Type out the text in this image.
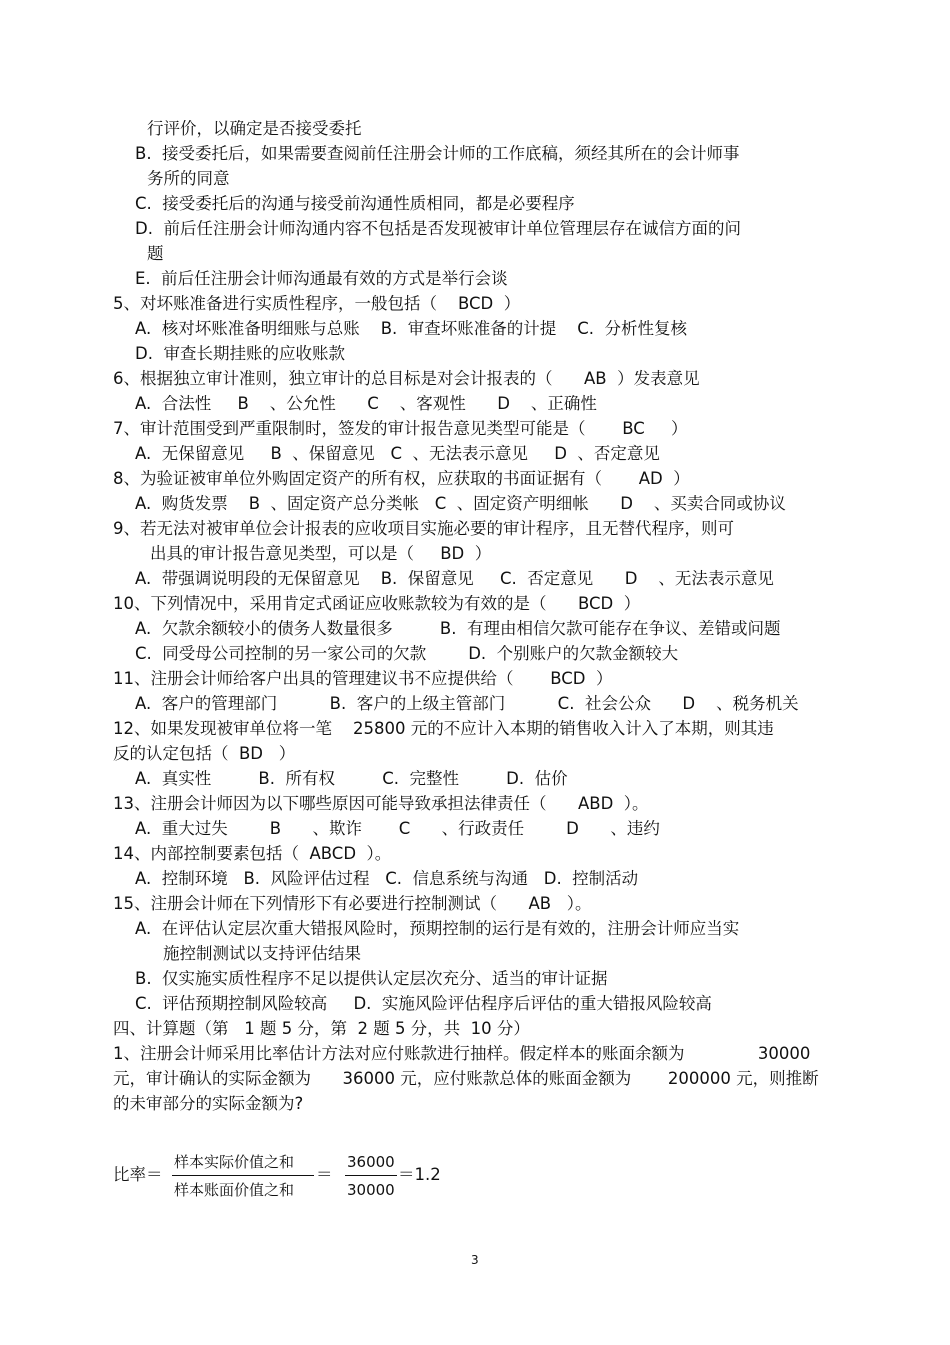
行评价，以确定是否接受委托
B.  接受委托后，如果需要查阅前任注册会计师的工作底稿，须经其所在的会计师事
务所的同意
C.  接受委托后的沟通与接受前沟通性质相同，都是必要程序
D.  前后任注册会计师沟通内容不包括是否发现被审计单位管理层存在诚信方面的问
题
E.  前后任注册会计师沟通最有效的方式是举行会谈
5、对坏账准备进行实质性程序，一般包括（    BCD  ）
A.  核对坏账准备明细账与总账    B.  审查坏账准备的计提    C.  分析性复核
D.  审查长期挂账的应收账款
6、根据独立审计准则，独立审计的总目标是对会计报表的（      AB  ）发表意见
A.  合法性     B    、公允性      C    、客观性      D    、正确性
7、审计范围受到严重限制时，签发的审计报告意见类型可能是（       BC     ）
A.  无保留意见     B  、保留意见   C  、无法表示意见     D  、否定意见
8、为验证被审单位外购固定资产的所有权，应获取的书面证据有（       AD  ）
A.  购货发票    B  、固定资产总分类帐   C  、固定资产明细帐      D    、买卖合同或协议
9、若无法对被审单位会计报表的应收项目实施必要的审计程序，且无替代程序，则可
出具的审计报告意见类型，可以是（     BD  ）
A.  带强调说明段的无保留意见    B.  保留意见     C.  否定意见      D    、无法表示意见
10、下列情况中，采用肯定式函证应收账款较为有效的是（      BCD  ）
A.  欠款余额较小的债务人数量很多         B.  有理由相信欠款可能存在争议、差错或问题
C.  同受母公司控制的另一家公司的欠款        D.  个别账户的欠款金额较大
11、注册会计师给客户出具的管理建议书不应提供给（       BCD  ）
A.  客户的管理部门          B.  客户的上级主管部门          C.  社会公众      D    、税务机关
12、如果发现被审单位将一笔    25800 元的不应计入本期的销售收入计入了本期，则其违
反的认定包括（  BD   ）
A.  真实性         B.  所有权         C.  完整性         D.  估价
13、注册会计师因为以下哪些原因可能导致承担法律责任（      ABD  ）。
A.  重大过失        B      、欺诈       C      、行政责任        D      、违约
14、内部控制要素包括（  ABCD  ）。
A.  控制环境   B.  风险评估过程   C.  信息系统与沟通   D.  控制活动
15、注册会计师在下列情形下有必要进行控制测试（      AB   ）。
A.  在评估认定层次重大错报风险时，预期控制的运行是有效的，注册会计师应当实
施控制测试以支持评估结果
B.  仅实施实质性程序不足以提供认定层次充分、适当的审计证据
C.  评估预期控制风险较高     D.  实施风险评估程序后评估的重大错报风险较高
四、计算题（第   1 题 5 分，第  2 题 5 分，共  10 分）
1、注册会计师采用比率估计方法对应付账款进行抽样。假定样本的账面余额为              30000
元，审计确认的实际金额为      36000 元，应付账款总体的账面金额为       200000 元，则推断
的未审部分的实际金额为?
比率＝
样本实际价值之和
样本账面价值之和
＝
36000
30000
＝1.2
3
